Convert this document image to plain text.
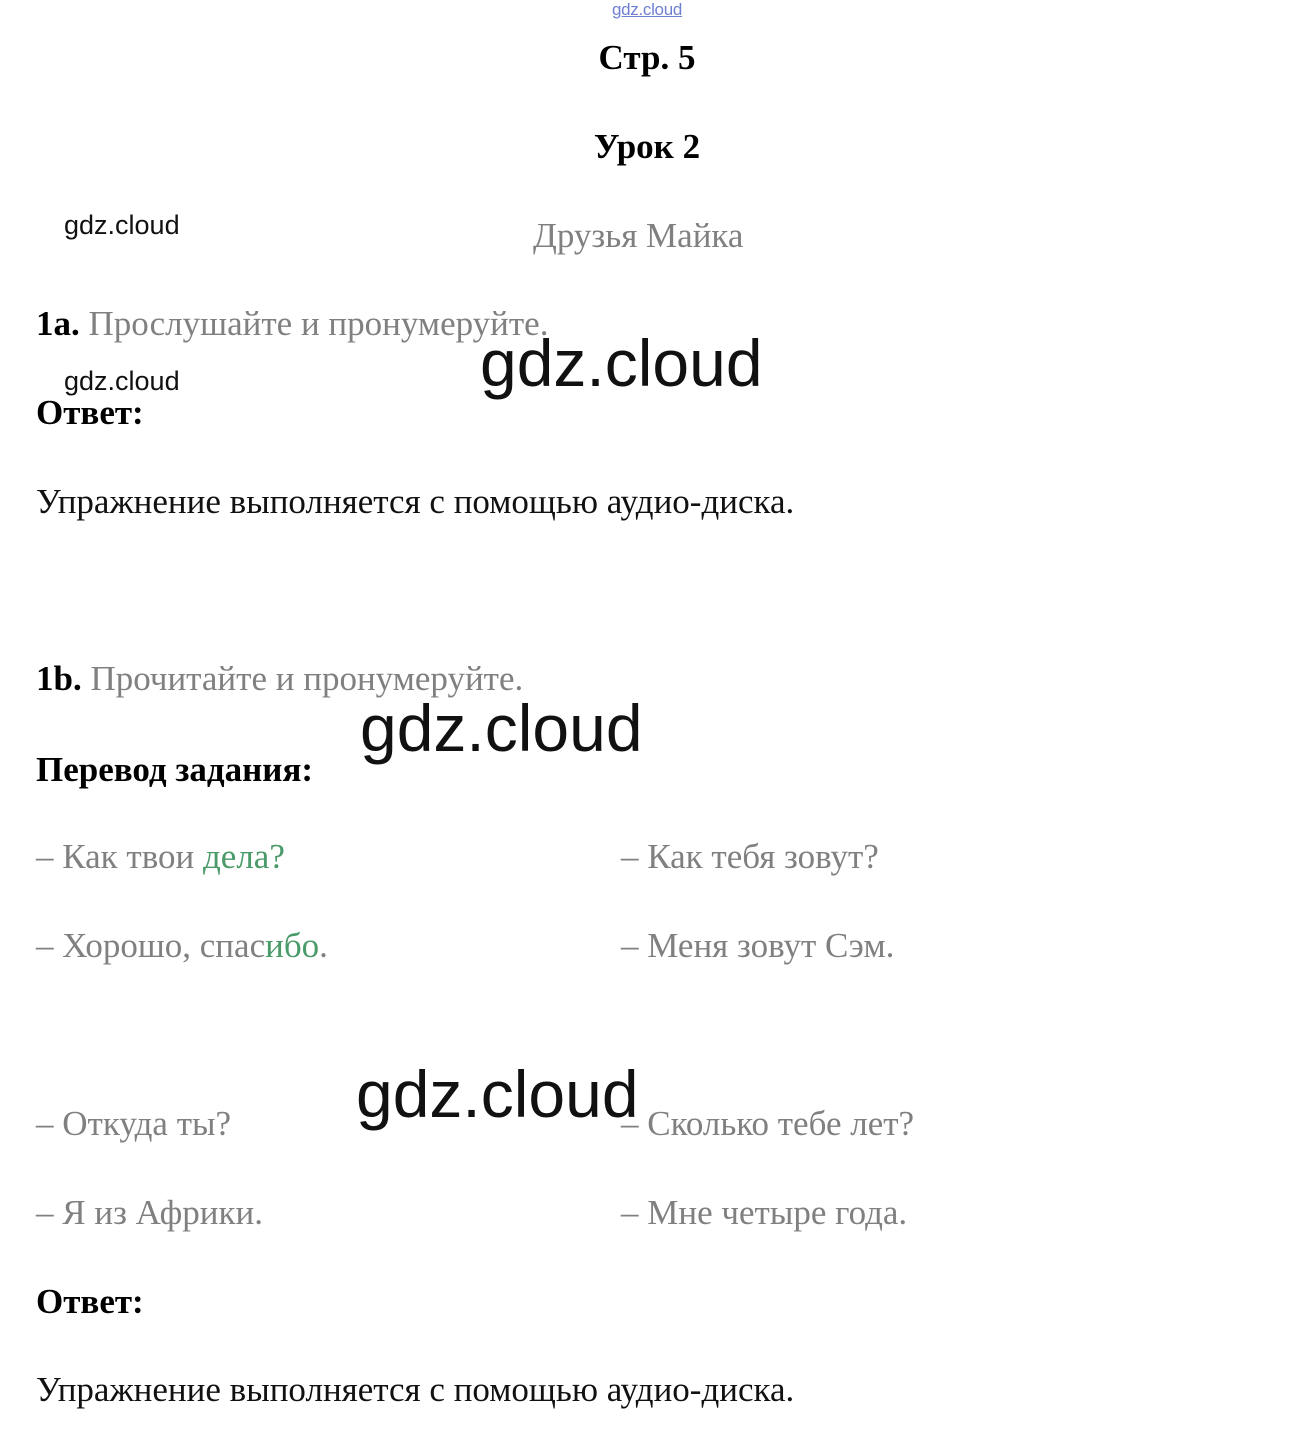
gdz.cloud
Стр. 5
Урок 2
Друзья Майка
gdz.cloud
1a. Прослушайте и пронумеруйте.
gdz.cloud
gdz.cloud
Ответ:
Упражнение выполняется с помощью аудио-диска.
1b. Прочитайте и пронумеруйте.
gdz.cloud
Перевод задания:
– Как твои дела?
– Хорошо, спасибо.
– Как тебя зовут?
– Меня зовут Сэм.
– Откуда ты?
– Я из Африки.
– Сколько тебе лет?
– Мне четыре года.
gdz.cloud
Ответ:
Упражнение выполняется с помощью аудио-диска.
